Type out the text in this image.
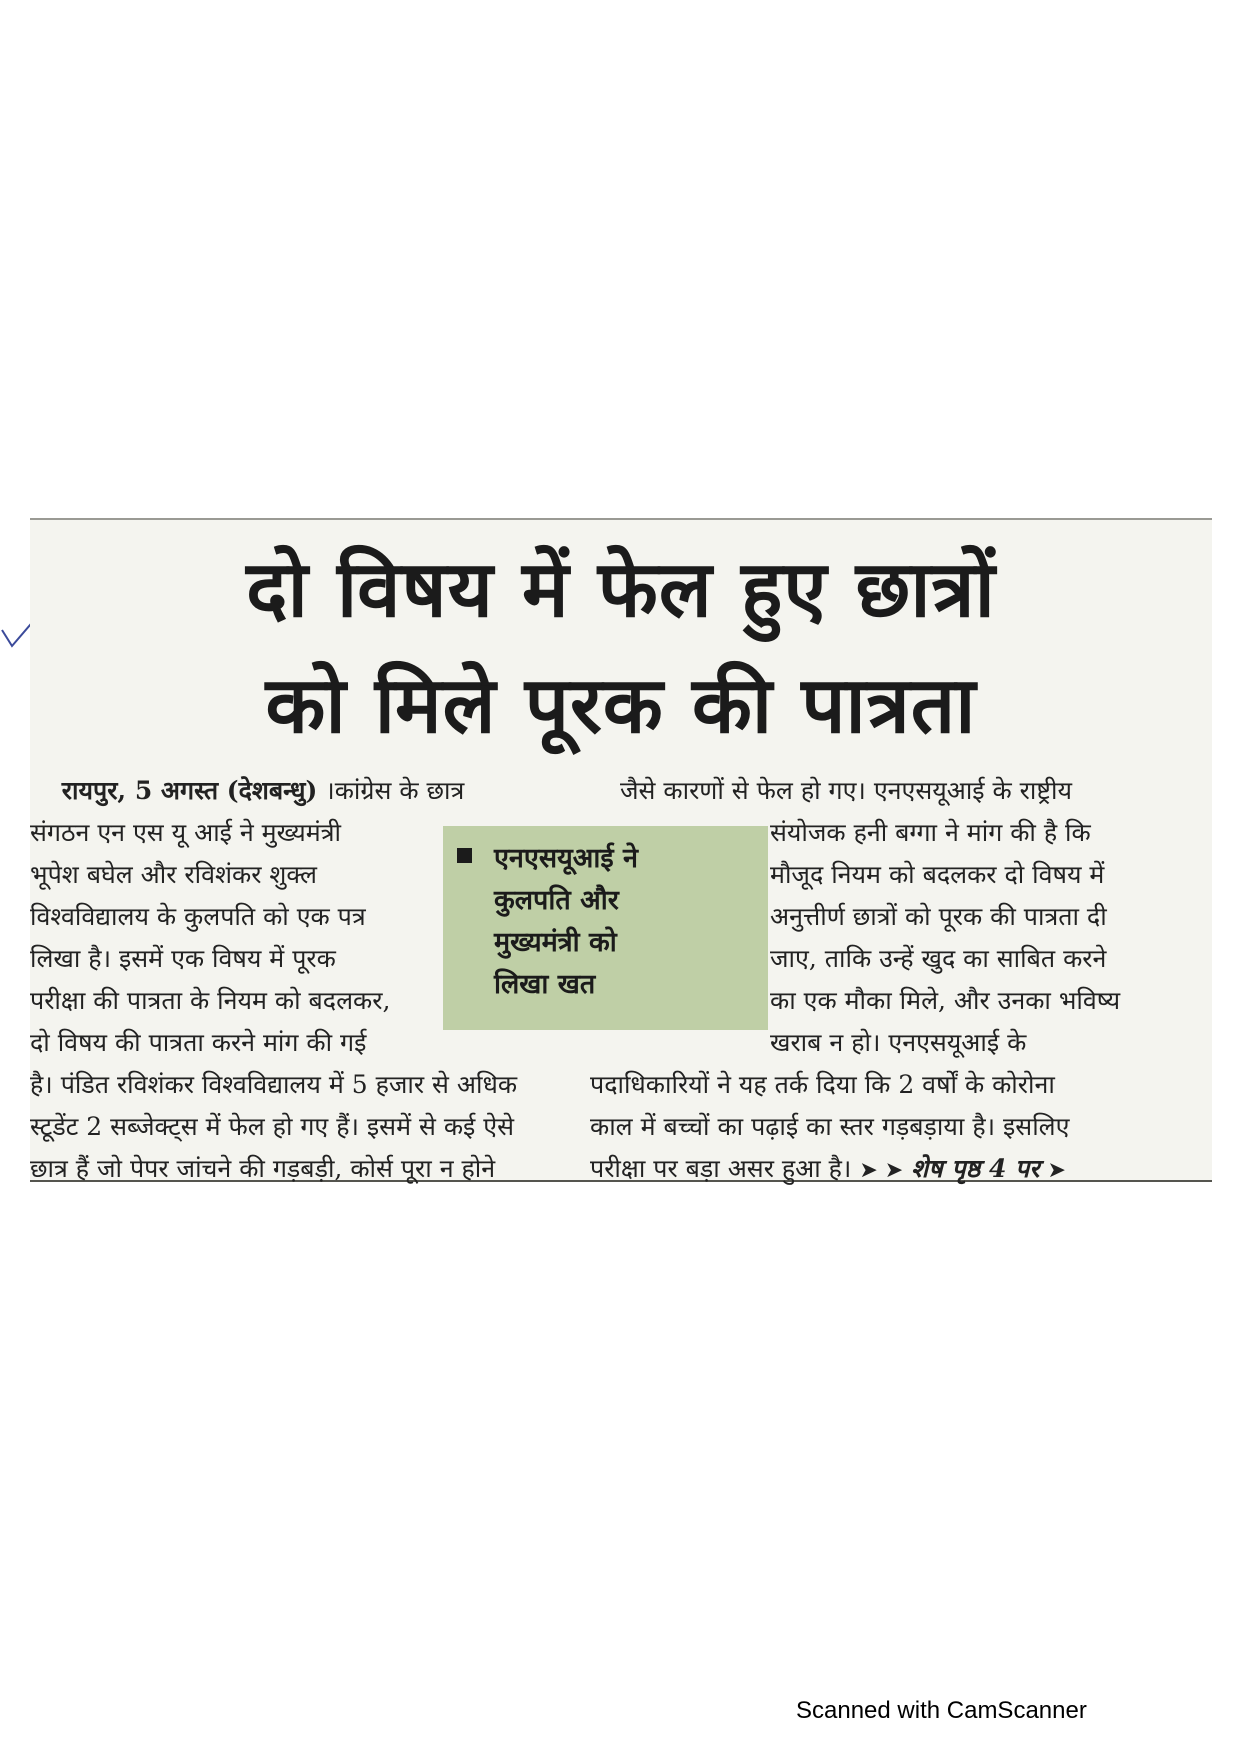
दो विषय में फेल हुए छात्रों
को मिले पूरक की पात्रता
रायपुर, 5 अगस्त (देशबन्धु) ।कांग्रेस के छात्र
संगठन एन एस यू आई ने मुख्यमंत्री
भूपेश बघेल और रविशंकर शुक्ल
विश्वविद्यालय के कुलपति को एक पत्र
लिखा है। इसमें एक विषय में पूरक
परीक्षा की पात्रता के नियम को बदलकर,
दो विषय की पात्रता करने मांग की गई
है। पंडित रविशंकर विश्वविद्यालय में 5 हजार से अधिक
स्टूडेंट 2 सब्जेक्ट्स में फेल हो गए हैं। इसमें से कई ऐसे
छात्र हैं जो पेपर जांचने की गड़बड़ी, कोर्स पूरा न होने
जैसे कारणों से फेल हो गए। एनएसयूआई के राष्ट्रीय
संयोजक हनी बग्गा ने मांग की है कि
मौजूद नियम को बदलकर दो विषय में
अनुत्तीर्ण छात्रों को पूरक की पात्रता दी
जाए, ताकि उन्हें खुद का साबित करने
का एक मौका मिले, और उनका भविष्य
खराब न हो। एनएसयूआई के
पदाधिकारियों ने यह तर्क दिया कि 2 वर्षों के कोरोना
काल में बच्चों का पढ़ाई का स्तर गड़बड़ाया है। इसलिए
परीक्षा पर बड़ा असर हुआ है। ➤ ➤ शेष पृष्ठ 4 पर ➤
एनएसयूआई ने
कुलपति और
मुख्यमंत्री को
लिखा खत
Scanned with CamScanner
